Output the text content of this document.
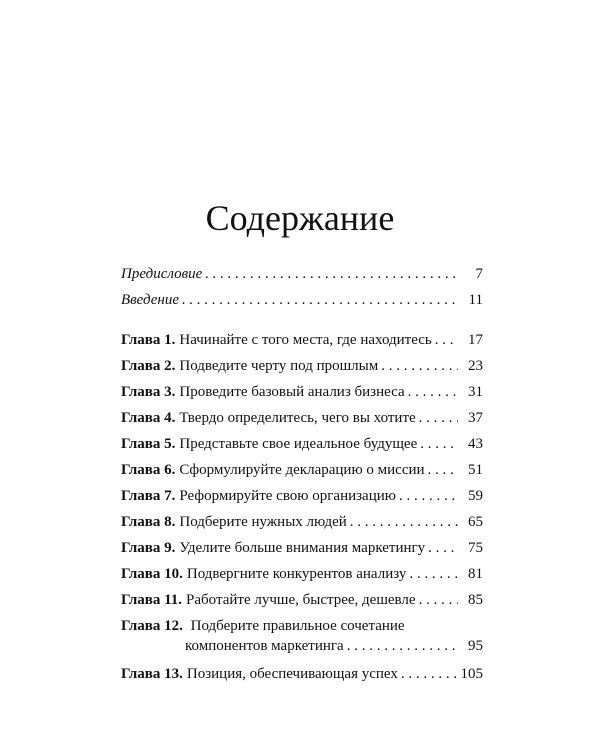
Содержание
Предисловие . . .	7
Введение . . .	11
Глава 1. Начинайте с того места, где находитесь . . .	17
Глава 2. Подведите черту под прошлым . . .	23
Глава 3. Проведите базовый анализ бизнеса . . .	31
Глава 4. Твердо определитесь, чего вы хотите . . .	37
Глава 5. Представьте свое идеальное будущее . . .	43
Глава 6. Сформулируйте декларацию о миссии . . .	51
Глава 7. Реформируйте свою организацию . . .	59
Глава 8. Подберите нужных людей . . .	65
Глава 9. Уделите больше внимания маркетингу . . .	75
Глава 10. Подвергните конкурентов анализу . . .	81
Глава 11. Работайте лучше, быстрее, дешевле . . .	85
Глава 12. Подберите правильное сочетание
компонентов маркетинга . . .	95
Глава 13. Позиция, обеспечивающая успех . . .	105
